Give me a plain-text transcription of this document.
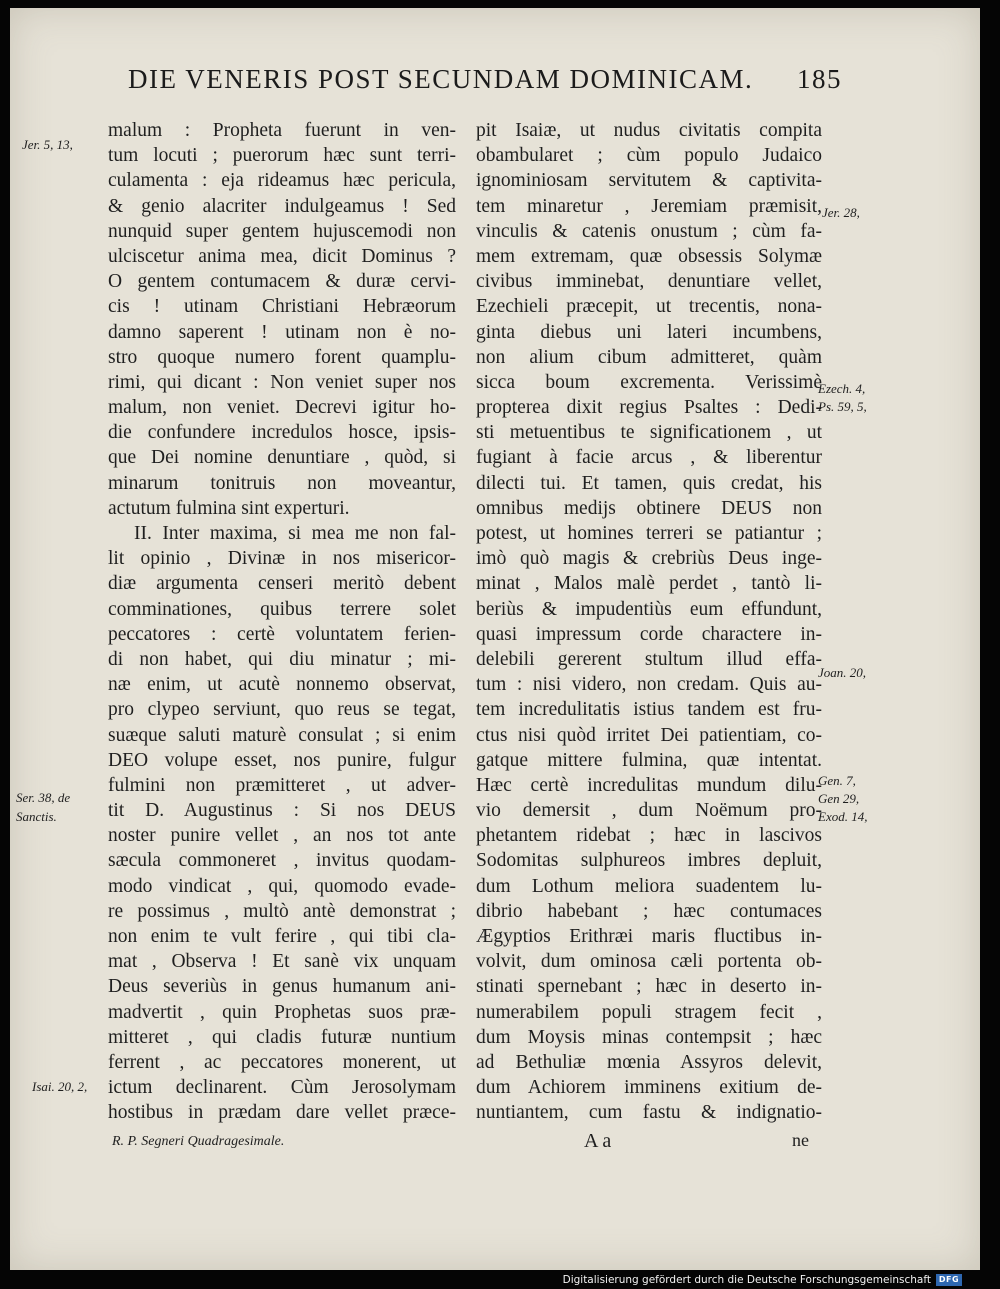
DIE VENERIS POST SECUNDAM DOMINICAM. 185
malum : Propheta fuerunt in ven-
tum locuti ; puerorum hæc sunt terri-
culamenta : eja rideamus hæc pericula,
& genio alacriter indulgeamus ! Sed
nunquid super gentem hujuscemodi non
ulciscetur anima mea, dicit Dominus ?
O gentem contumacem & duræ cervi-
cis ! utinam Christiani Hebræorum
damno saperent ! utinam non è no-
stro quoque numero forent quamplu-
rimi, qui dicant : Non veniet super nos
malum, non veniet. Decrevi igitur ho-
die confundere incredulos hosce, ipsis-
que Dei nomine denuntiare , quòd, si
minarum tonitruis non moveantur,
actutum fulmina sint experturi.
II. Inter maxima, si mea me non fal-
lit opinio , Divinæ in nos misericor-
diæ argumenta censeri meritò debent
comminationes, quibus terrere solet
peccatores : certè voluntatem ferien-
di non habet, qui diu minatur ; mi-
næ enim, ut acutè nonnemo observat,
pro clypeo serviunt, quo reus se tegat,
suæque saluti maturè consulat ; si enim
DEO volupe esset, nos punire, fulgur
fulmini non præmitteret , ut adver-
tit D. Augustinus : Si nos DEUS
noster punire vellet , an nos tot ante
sæcula commoneret , invitus quodam-
modo vindicat , qui, quomodo evade-
re possimus , multò antè demonstrat ;
non enim te vult ferire , qui tibi cla-
mat , Observa ! Et sanè vix unquam
Deus severiùs in genus humanum ani-
madvertit , quin Prophetas suos præ-
mitteret , qui cladis futuræ nuntium
ferrent , ac peccatores monerent, ut
ictum declinarent. Cùm Jerosolymam
hostibus in prædam dare vellet præce-
pit Isaiæ, ut nudus civitatis compita
obambularet ; cùm populo Judaico
ignominiosam servitutem & captivita-
tem minaretur , Jeremiam præmisit,
vinculis & catenis onustum ; cùm fa-
mem extremam, quæ obsessis Solymæ
civibus imminebat, denuntiare vellet,
Ezechieli præcepit, ut trecentis, nona-
ginta diebus uni lateri incumbens,
non alium cibum admitteret, quàm
sicca boum excrementa. Verissimè
propterea dixit regius Psaltes : Dedi-
sti metuentibus te significationem , ut
fugiant à facie arcus , & liberentur
dilecti tui. Et tamen, quis credat, his
omnibus medijs obtinere DEUS non
potest, ut homines terreri se patiantur ;
imò quò magis & crebriùs Deus inge-
minat , Malos malè perdet , tantò li-
beriùs & impudentiùs eum effundunt,
quasi impressum corde charactere in-
delebili gererent stultum illud effa-
tum : nisi videro, non credam. Quis au-
tem incredulitatis istius tandem est fru-
ctus nisi quòd irritet Dei patientiam, co-
gatque mittere fulmina, quæ intentat.
Hæc certè incredulitas mundum dilu-
vio demersit , dum Noëmum pro-
phetantem ridebat ; hæc in lascivos
Sodomitas sulphureos imbres depluit,
dum Lothum meliora suadentem lu-
dibrio habebant ; hæc contumaces
Ægyptios Erithræi maris fluctibus in-
volvit, dum ominosa cæli portenta ob-
stinati spernebant ; hæc in deserto in-
numerabilem populi stragem fecit ,
dum Moysis minas contempsit ; hæc
ad Bethuliæ mœnia Assyros delevit,
dum Achiorem imminens exitium de-
nuntiantem, cum fastu & indignatio-
Jer. 5, 13,
Ser. 38, de
Sanctis.
Isai. 20, 2,
Jer. 28,
Ezech. 4,
Ps. 59, 5,
Joan. 20,
Gen. 7,
Gen 29,
Exod. 14,
R. P. Segneri Quadragesimale.	A a	ne
Digitalisierung gefördert durch die Deutsche Forschungsgemeinschaft DFG
